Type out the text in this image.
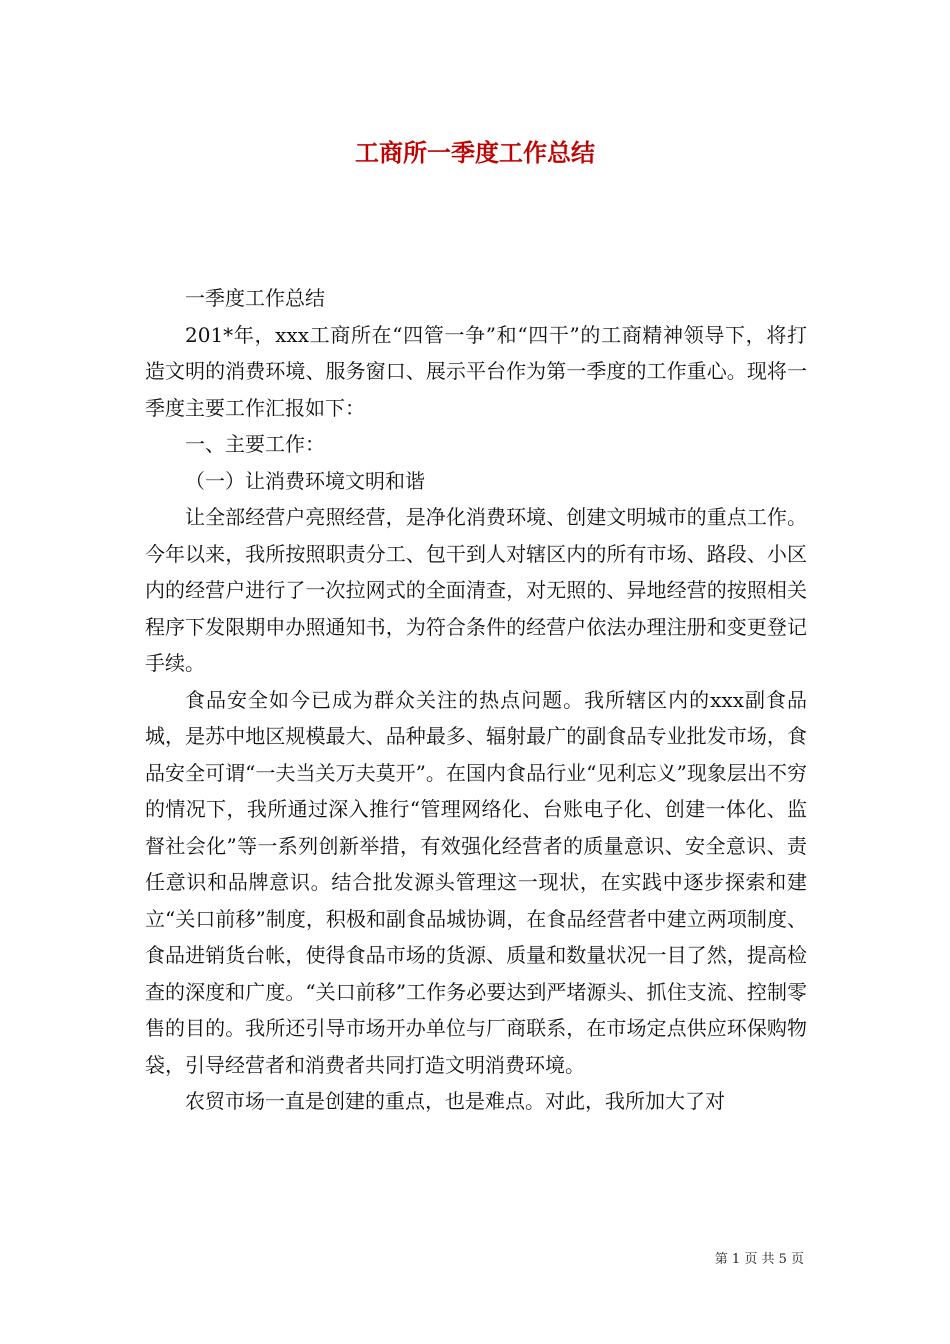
工商所一季度工作总结

一季度工作总结

201*年，xxx工商所在“四管一争”和“四干”的工商精神领导下，将打造文明的消费环境、服务窗口、展示平台作为第一季度的工作重心。现将一季度主要工作汇报如下：

一、主要工作：

（一）让消费环境文明和谐

让全部经营户亮照经营，是净化消费环境、创建文明城市的重点工作。今年以来，我所按照职责分工、包干到人对辖区内的所有市场、路段、小区内的经营户进行了一次拉网式的全面清查，对无照的、异地经营的按照相关程序下发限期申办照通知书，为符合条件的经营户依法办理注册和变更登记手续。

食品安全如今已成为群众关注的热点问题。我所辖区内的xxx副食品城，是苏中地区规模最大、品种最多、辐射最广的副食品专业批发市场，食品安全可谓“一夫当关万夫莫开”。在国内食品行业“见利忘义”现象层出不穷的情况下，我所通过深入推行“管理网络化、台账电子化、创建一体化、监督社会化”等一系列创新举措，有效强化经营者的质量意识、安全意识、责任意识和品牌意识。结合批发源头管理这一现状，在实践中逐步探索和建立“关口前移”制度，积极和副食品城协调，在食品经营者中建立两项制度、食品进销货台帐，使得食品市场的货源、质量和数量状况一目了然，提高检查的深度和广度。“关口前移”工作务必要达到严堵源头、抓住支流、控制零售的目的。我所还引导市场开办单位与厂商联系，在市场定点供应环保购物袋，引导经营者和消费者共同打造文明消费环境。

农贸市场一直是创建的重点，也是难点。对此，我所加大了对

第 1 页 共 5 页
